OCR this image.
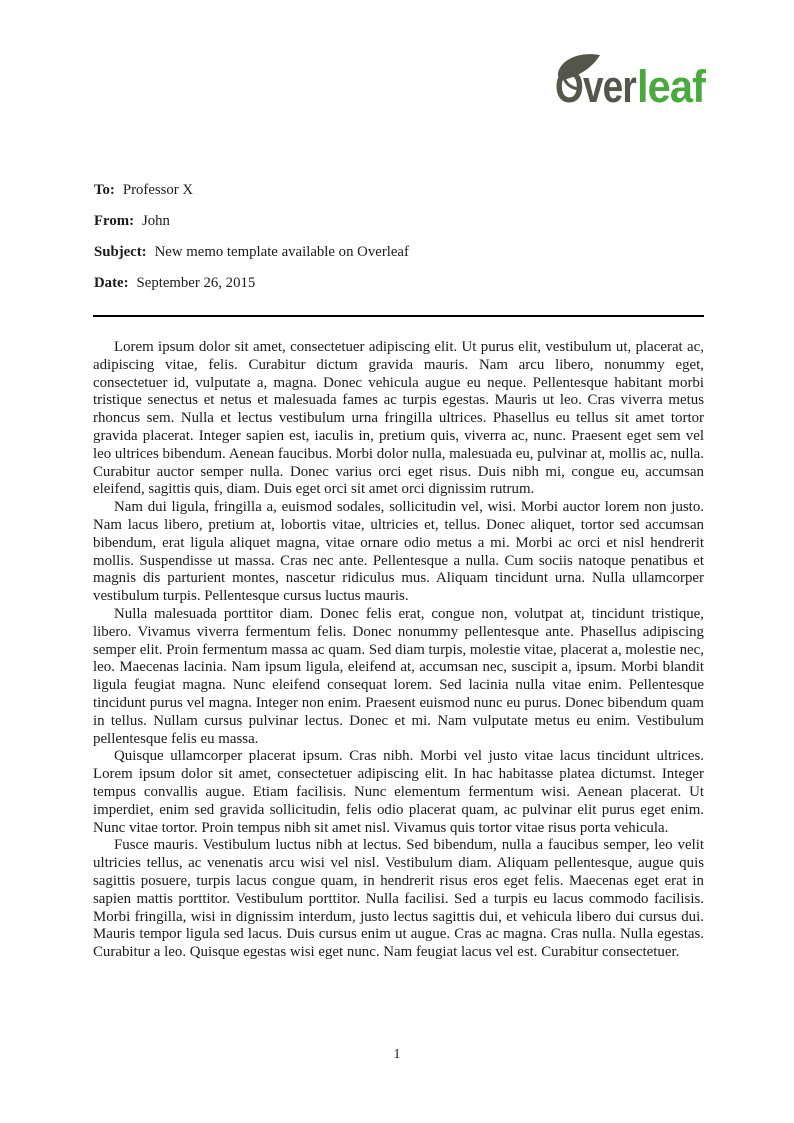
Over leaf
To: Professor X
From: John
Subject: New memo template available on Overleaf
Date: September 26, 2015

Lorem ipsum dolor sit amet, consectetuer adipiscing elit. Ut purus elit, vestibulum ut, placerat ac, adipiscing vitae, felis. Curabitur dictum gravida mauris. Nam arcu libero, nonummy eget, consectetuer id, vulputate a, magna. Donec vehicula augue eu neque. Pellentesque habitant morbi tristique senectus et netus et malesuada fames ac turpis egestas. Mauris ut leo. Cras viverra metus rhoncus sem. Nulla et lectus vestibulum urna fringilla ultrices. Phasellus eu tellus sit amet tortor gravida placerat. Integer sapien est, iaculis in, pretium quis, viverra ac, nunc. Praesent eget sem vel leo ultrices bibendum. Aenean faucibus. Morbi dolor nulla, malesuada eu, pulvinar at, mollis ac, nulla. Curabitur auctor semper nulla. Donec varius orci eget risus. Duis nibh mi, congue eu, accumsan eleifend, sagittis quis, diam. Duis eget orci sit amet orci dignissim rutrum.

Nam dui ligula, fringilla a, euismod sodales, sollicitudin vel, wisi. Morbi auctor lorem non justo. Nam lacus libero, pretium at, lobortis vitae, ultricies et, tellus. Donec aliquet, tortor sed accumsan bibendum, erat ligula aliquet magna, vitae ornare odio metus a mi. Morbi ac orci et nisl hendrerit mollis. Suspendisse ut massa. Cras nec ante. Pellentesque a nulla. Cum sociis natoque penatibus et magnis dis parturient montes, nascetur ridiculus mus. Aliquam tincidunt urna. Nulla ullamcorper vestibulum turpis. Pellentesque cursus luctus mauris.

Nulla malesuada porttitor diam. Donec felis erat, congue non, volutpat at, tincidunt tristique, libero. Vivamus viverra fermentum felis. Donec nonummy pellentesque ante. Phasellus adipiscing semper elit. Proin fermentum massa ac quam. Sed diam turpis, molestie vitae, placerat a, molestie nec, leo. Maecenas lacinia. Nam ipsum ligula, eleifend at, accumsan nec, suscipit a, ipsum. Morbi blandit ligula feugiat magna. Nunc eleifend consequat lorem. Sed lacinia nulla vitae enim. Pellentesque tincidunt purus vel magna. Integer non enim. Praesent euismod nunc eu purus. Donec bibendum quam in tellus. Nullam cursus pulvinar lectus. Donec et mi. Nam vulputate metus eu enim. Vestibulum pellentesque felis eu massa.

Quisque ullamcorper placerat ipsum. Cras nibh. Morbi vel justo vitae lacus tincidunt ultrices. Lorem ipsum dolor sit amet, consectetuer adipiscing elit. In hac habitasse platea dictumst. Integer tempus convallis augue. Etiam facilisis. Nunc elementum fermentum wisi. Aenean placerat. Ut imperdiet, enim sed gravida sollicitudin, felis odio placerat quam, ac pulvinar elit purus eget enim. Nunc vitae tortor. Proin tempus nibh sit amet nisl. Vivamus quis tortor vitae risus porta vehicula.

Fusce mauris. Vestibulum luctus nibh at lectus. Sed bibendum, nulla a faucibus semper, leo velit ultricies tellus, ac venenatis arcu wisi vel nisl. Vestibulum diam. Aliquam pellentesque, augue quis sagittis posuere, turpis lacus congue quam, in hendrerit risus eros eget felis. Maecenas eget erat in sapien mattis porttitor. Vestibulum porttitor. Nulla facilisi. Sed a turpis eu lacus commodo facilisis. Morbi fringilla, wisi in dignissim interdum, justo lectus sagittis dui, et vehicula libero dui cursus dui. Mauris tempor ligula sed lacus. Duis cursus enim ut augue. Cras ac magna. Cras nulla. Nulla egestas. Curabitur a leo. Quisque egestas wisi eget nunc. Nam feugiat lacus vel est. Curabitur consectetuer.

1
